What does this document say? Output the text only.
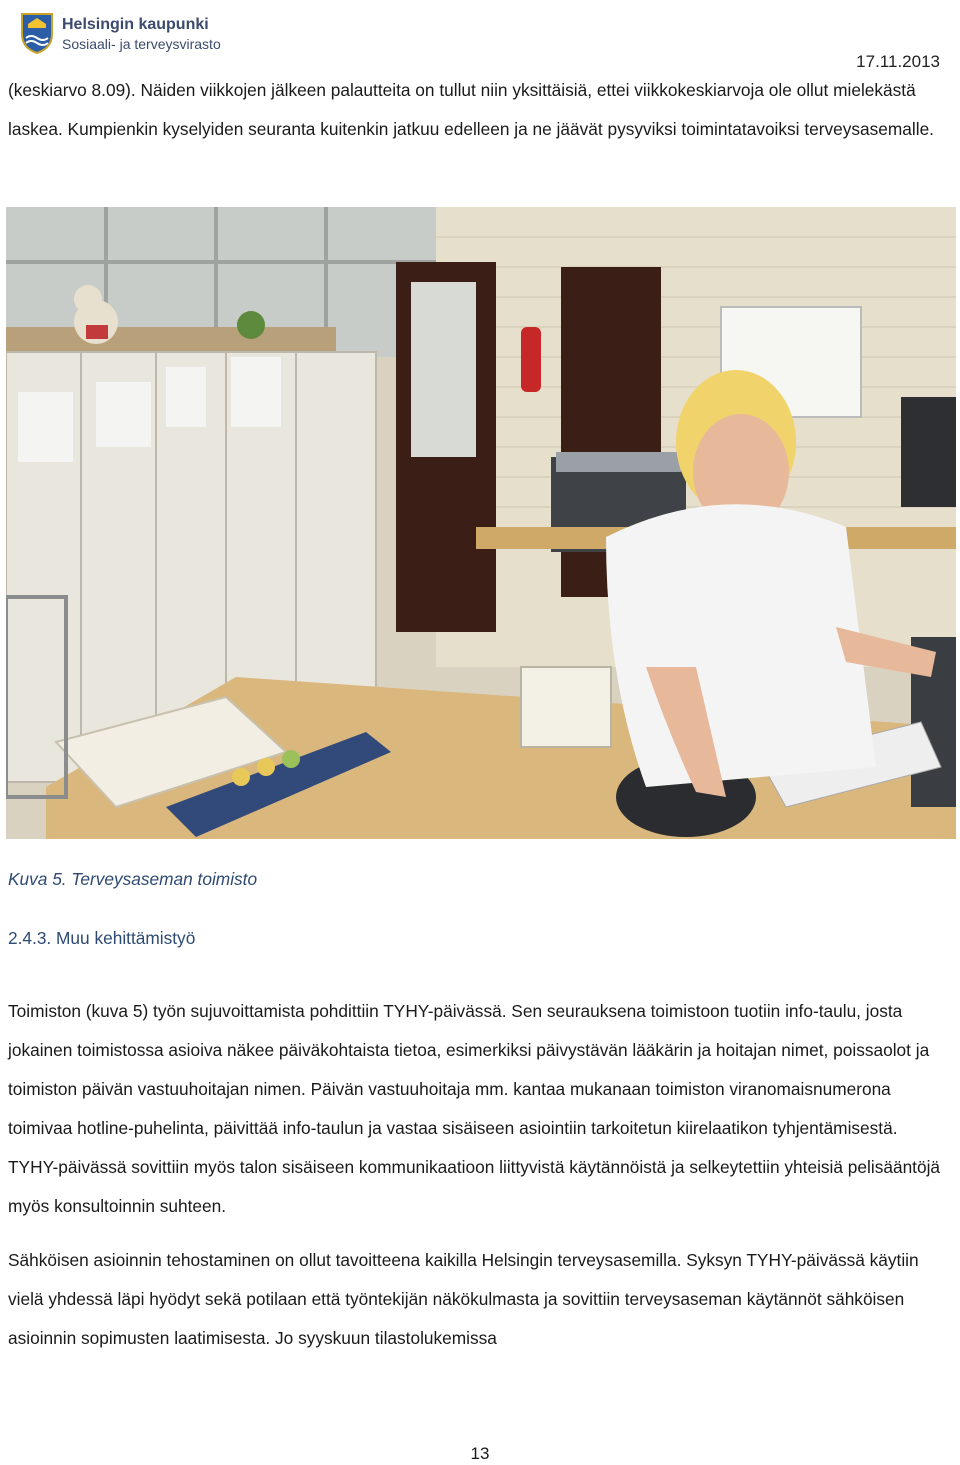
Helsingin kaupunki
Sosiaali- ja terveysvirasto
17.11.2013

(keskiarvo 8.09). Näiden viikkojen jälkeen palautteita on tullut niin yksittäisiä, ettei viikkokeskiarvoja ole ollut mielekästä laskea. Kumpienkin kyselyiden seuranta kuitenkin jatkuu edelleen ja ne jäävät pysyviksi toimintatavoiksi terveysasemalle.

Kuva 5. Terveysaseman toimisto
2.4.3. Muu kehittämistyö

Toimiston (kuva 5) työn sujuvoittamista pohdittiin TYHY-päivässä. Sen seurauksena toimistoon tuotiin info-taulu, josta jokainen toimistossa asioiva näkee päiväkohtaista tietoa, esimerkiksi päivystävän lääkärin ja hoitajan nimet, poissaolot ja toimiston päivän vastuuhoitajan nimen. Päivän vastuuhoitaja mm. kantaa mukanaan toimiston viranomaisnumerona toimivaa hotline-puhelinta, päivittää info-taulun ja vastaa sisäiseen asiointiin tarkoitetun kiirelaatikon tyhjentämisestä. TYHY-päivässä sovittiin myös talon sisäiseen kommunikaatioon liittyvistä käytännöistä ja selkeytettiin yhteisiä pelisääntöjä myös konsultoinnin suhteen.

Sähköisen asioinnin tehostaminen on ollut tavoitteena kaikilla Helsingin terveysasemilla. Syksyn TYHY-päivässä käytiin vielä yhdessä läpi hyödyt sekä potilaan että työntekijän näkökulmasta ja sovittiin terveysaseman käytännöt sähköisen asioinnin sopimusten laatimisesta. Jo syyskuun tilastolukemissa

13
